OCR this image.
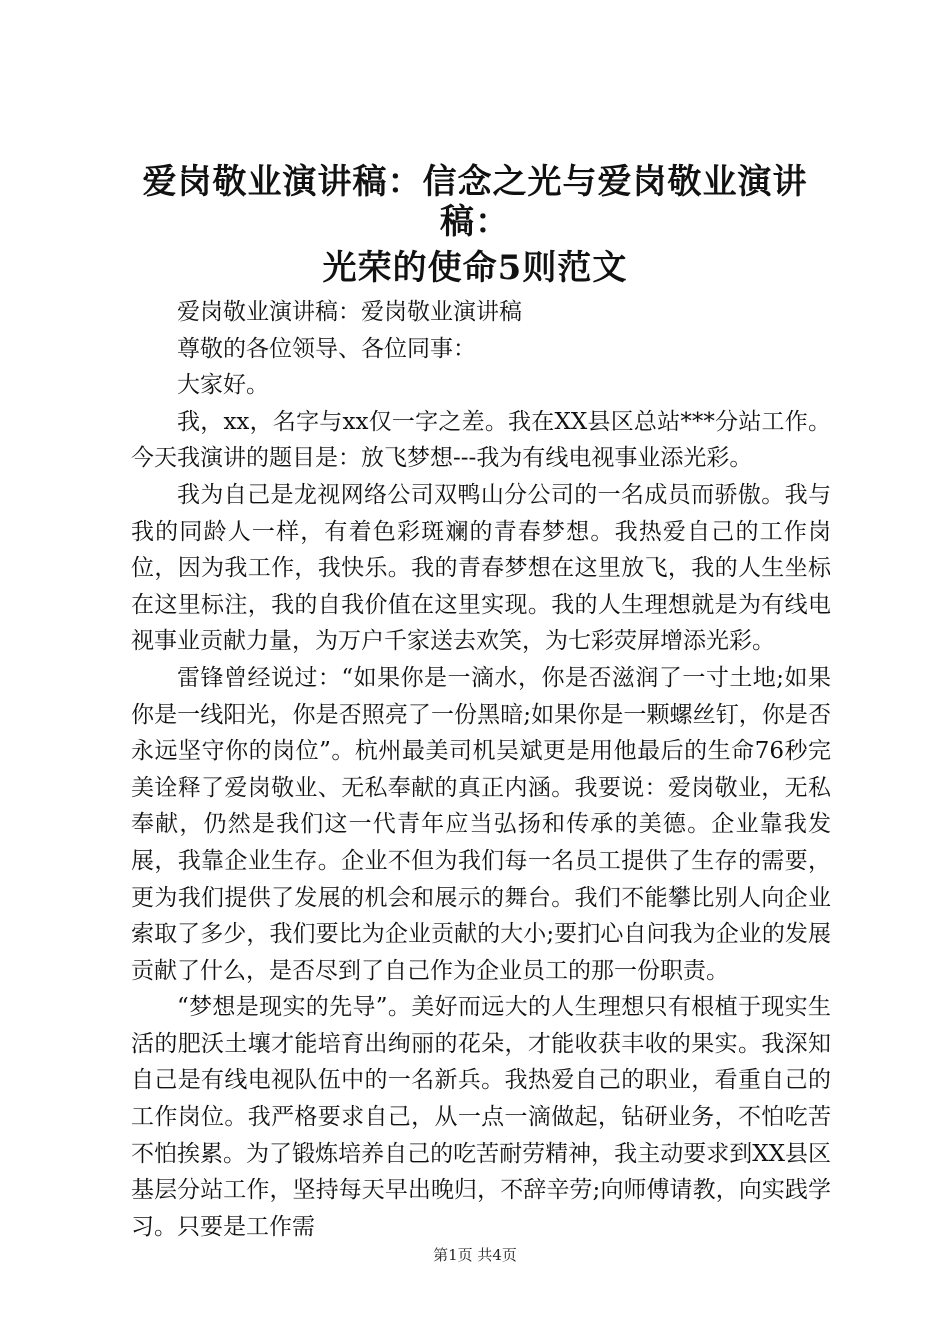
爱岗敬业演讲稿：信念之光与爱岗敬业演讲稿：
光荣的使命5则范文

爱岗敬业演讲稿：爱岗敬业演讲稿

尊敬的各位领导、各位同事：

大家好。

我，xx，名字与xx仅一字之差。我在XX县区总站***分站工作。今天我演讲的题目是：放飞梦想---我为有线电视事业添光彩。

我为自己是龙视网络公司双鸭山分公司的一名成员而骄傲。我与我的同龄人一样，有着色彩斑斓的青春梦想。我热爱自己的工作岗位，因为我工作，我快乐。我的青春梦想在这里放飞，我的人生坐标在这里标注，我的自我价值在这里实现。我的人生理想就是为有线电视事业贡献力量，为万户千家送去欢笑，为七彩荧屏增添光彩。

雷锋曾经说过：“如果你是一滴水，你是否滋润了一寸土地;如果你是一线阳光，你是否照亮了一份黑暗;如果你是一颗螺丝钉，你是否永远坚守你的岗位”。杭州最美司机吴斌更是用他最后的生命76秒完美诠释了爱岗敬业、无私奉献的真正内涵。我要说：爱岗敬业，无私奉献，仍然是我们这一代青年应当弘扬和传承的美德。企业靠我发展，我靠企业生存。企业不但为我们每一名员工提供了生存的需要，更为我们提供了发展的机会和展示的舞台。我们不能攀比别人向企业索取了多少，我们要比为企业贡献的大小;要扪心自问我为企业的发展贡献了什么，是否尽到了自己作为企业员工的那一份职责。

“梦想是现实的先导”。美好而远大的人生理想只有根植于现实生活的肥沃土壤才能培育出绚丽的花朵，才能收获丰收的果实。我深知自己是有线电视队伍中的一名新兵。我热爱自己的职业，看重自己的工作岗位。我严格要求自己，从一点一滴做起，钻研业务，不怕吃苦不怕挨累。为了锻炼培养自己的吃苦耐劳精神，我主动要求到XX县区基层分站工作，坚持每天早出晚归，不辞辛劳;向师傅请教，向实践学习。只要是工作需

第1页 共4页
